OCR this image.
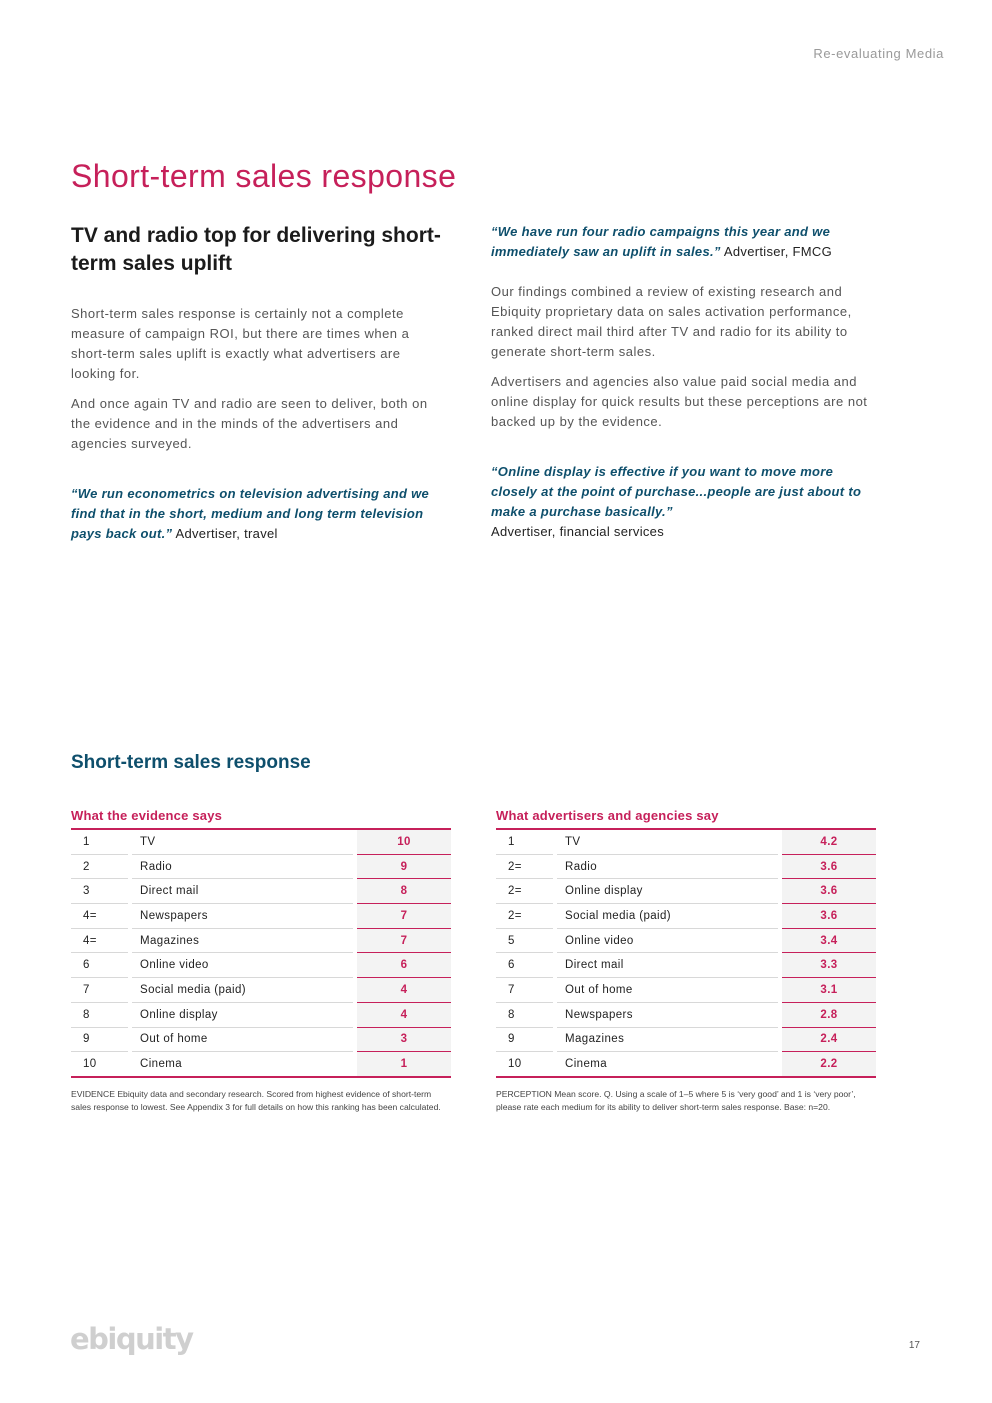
Re-evaluating Media
Short-term sales response
TV and radio top for delivering short-term sales uplift

Short-term sales response is certainly not a complete measure of campaign ROI, but there are times when a short-term sales uplift is exactly what advertisers are looking for.

And once again TV and radio are seen to deliver, both on the evidence and in the minds of the advertisers and agencies surveyed.

“We run econometrics on television advertising and we find that in the short, medium and long term television pays back out.” Advertiser, travel

“We have run four radio campaigns this year and we immediately saw an uplift in sales.” Advertiser, FMCG

Our findings combined a review of existing research and Ebiquity proprietary data on sales activation performance, ranked direct mail third after TV and radio for its ability to generate short-term sales.

Advertisers and agencies also value paid social media and online display for quick results but these perceptions are not backed up by the evidence.

“Online display is effective if you want to move more closely at the point of purchase...people are just about to make a purchase basically.”
Advertiser, financial services

Short-term sales response

What the evidence says

1		TV		10
2		Radio		9
3		Direct mail		8
4=		Newspapers		7
4=		Magazines		7
6		Online video		6
7		Social media (paid)		4
8		Online display		4
9		Out of home		3
10		Cinema		1

EVIDENCE Ebiquity data and secondary research. Scored from highest evidence of short-term sales response to lowest. See Appendix 3 for full details on how this ranking has been calculated.

What advertisers and agencies say

1		TV		4.2
2=		Radio		3.6
2=		Online display		3.6
2=		Social media (paid)		3.6
5		Online video		3.4
6		Direct mail		3.3
7		Out of home		3.1
8		Newspapers		2.8
9		Magazines		2.4
10		Cinema		2.2

PERCEPTION Mean score. Q. Using a scale of 1–5 where 5 is ‘very good’ and 1 is ‘very poor’, please rate each medium for its ability to deliver short-term sales response. Base: n=20.

ebiquity	17
